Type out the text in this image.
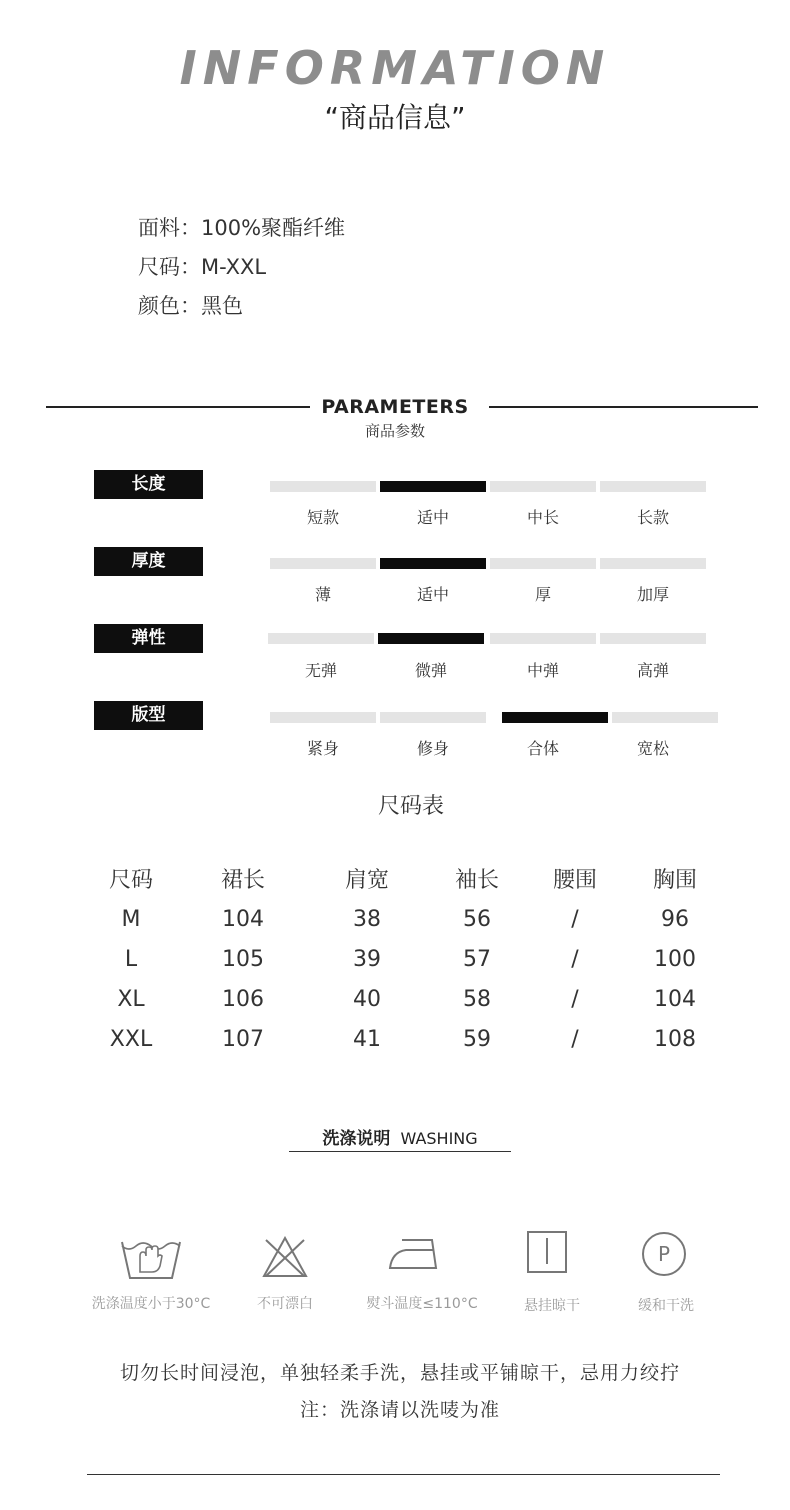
INFORMATION
“商品信息”
面料：100%聚酯纤维
尺码：M-XXL
颜色：黑色
PARAMETERS
商品参数
长度
短款	适中	中长	长款
厚度
薄	适中	厚	加厚
弹性
无弹	微弹	中弹	高弹
版型
紧身	修身	合体	宽松
尺码表
尺码	裙长	肩宽	袖长	腰围	胸围
M	104	38	56	/	96
L	105	39	57	/	100
XL	106	40	58	/	104
XXL	107	41	59	/	108
洗涤说明 WASHING
P
洗涤温度小于30°C	不可漂白	熨斗温度≤110°C	悬挂晾干	缓和干洗
切勿长时间浸泡，单独轻柔手洗，悬挂或平铺晾干，忌用力绞拧
注：洗涤请以洗唛为准
